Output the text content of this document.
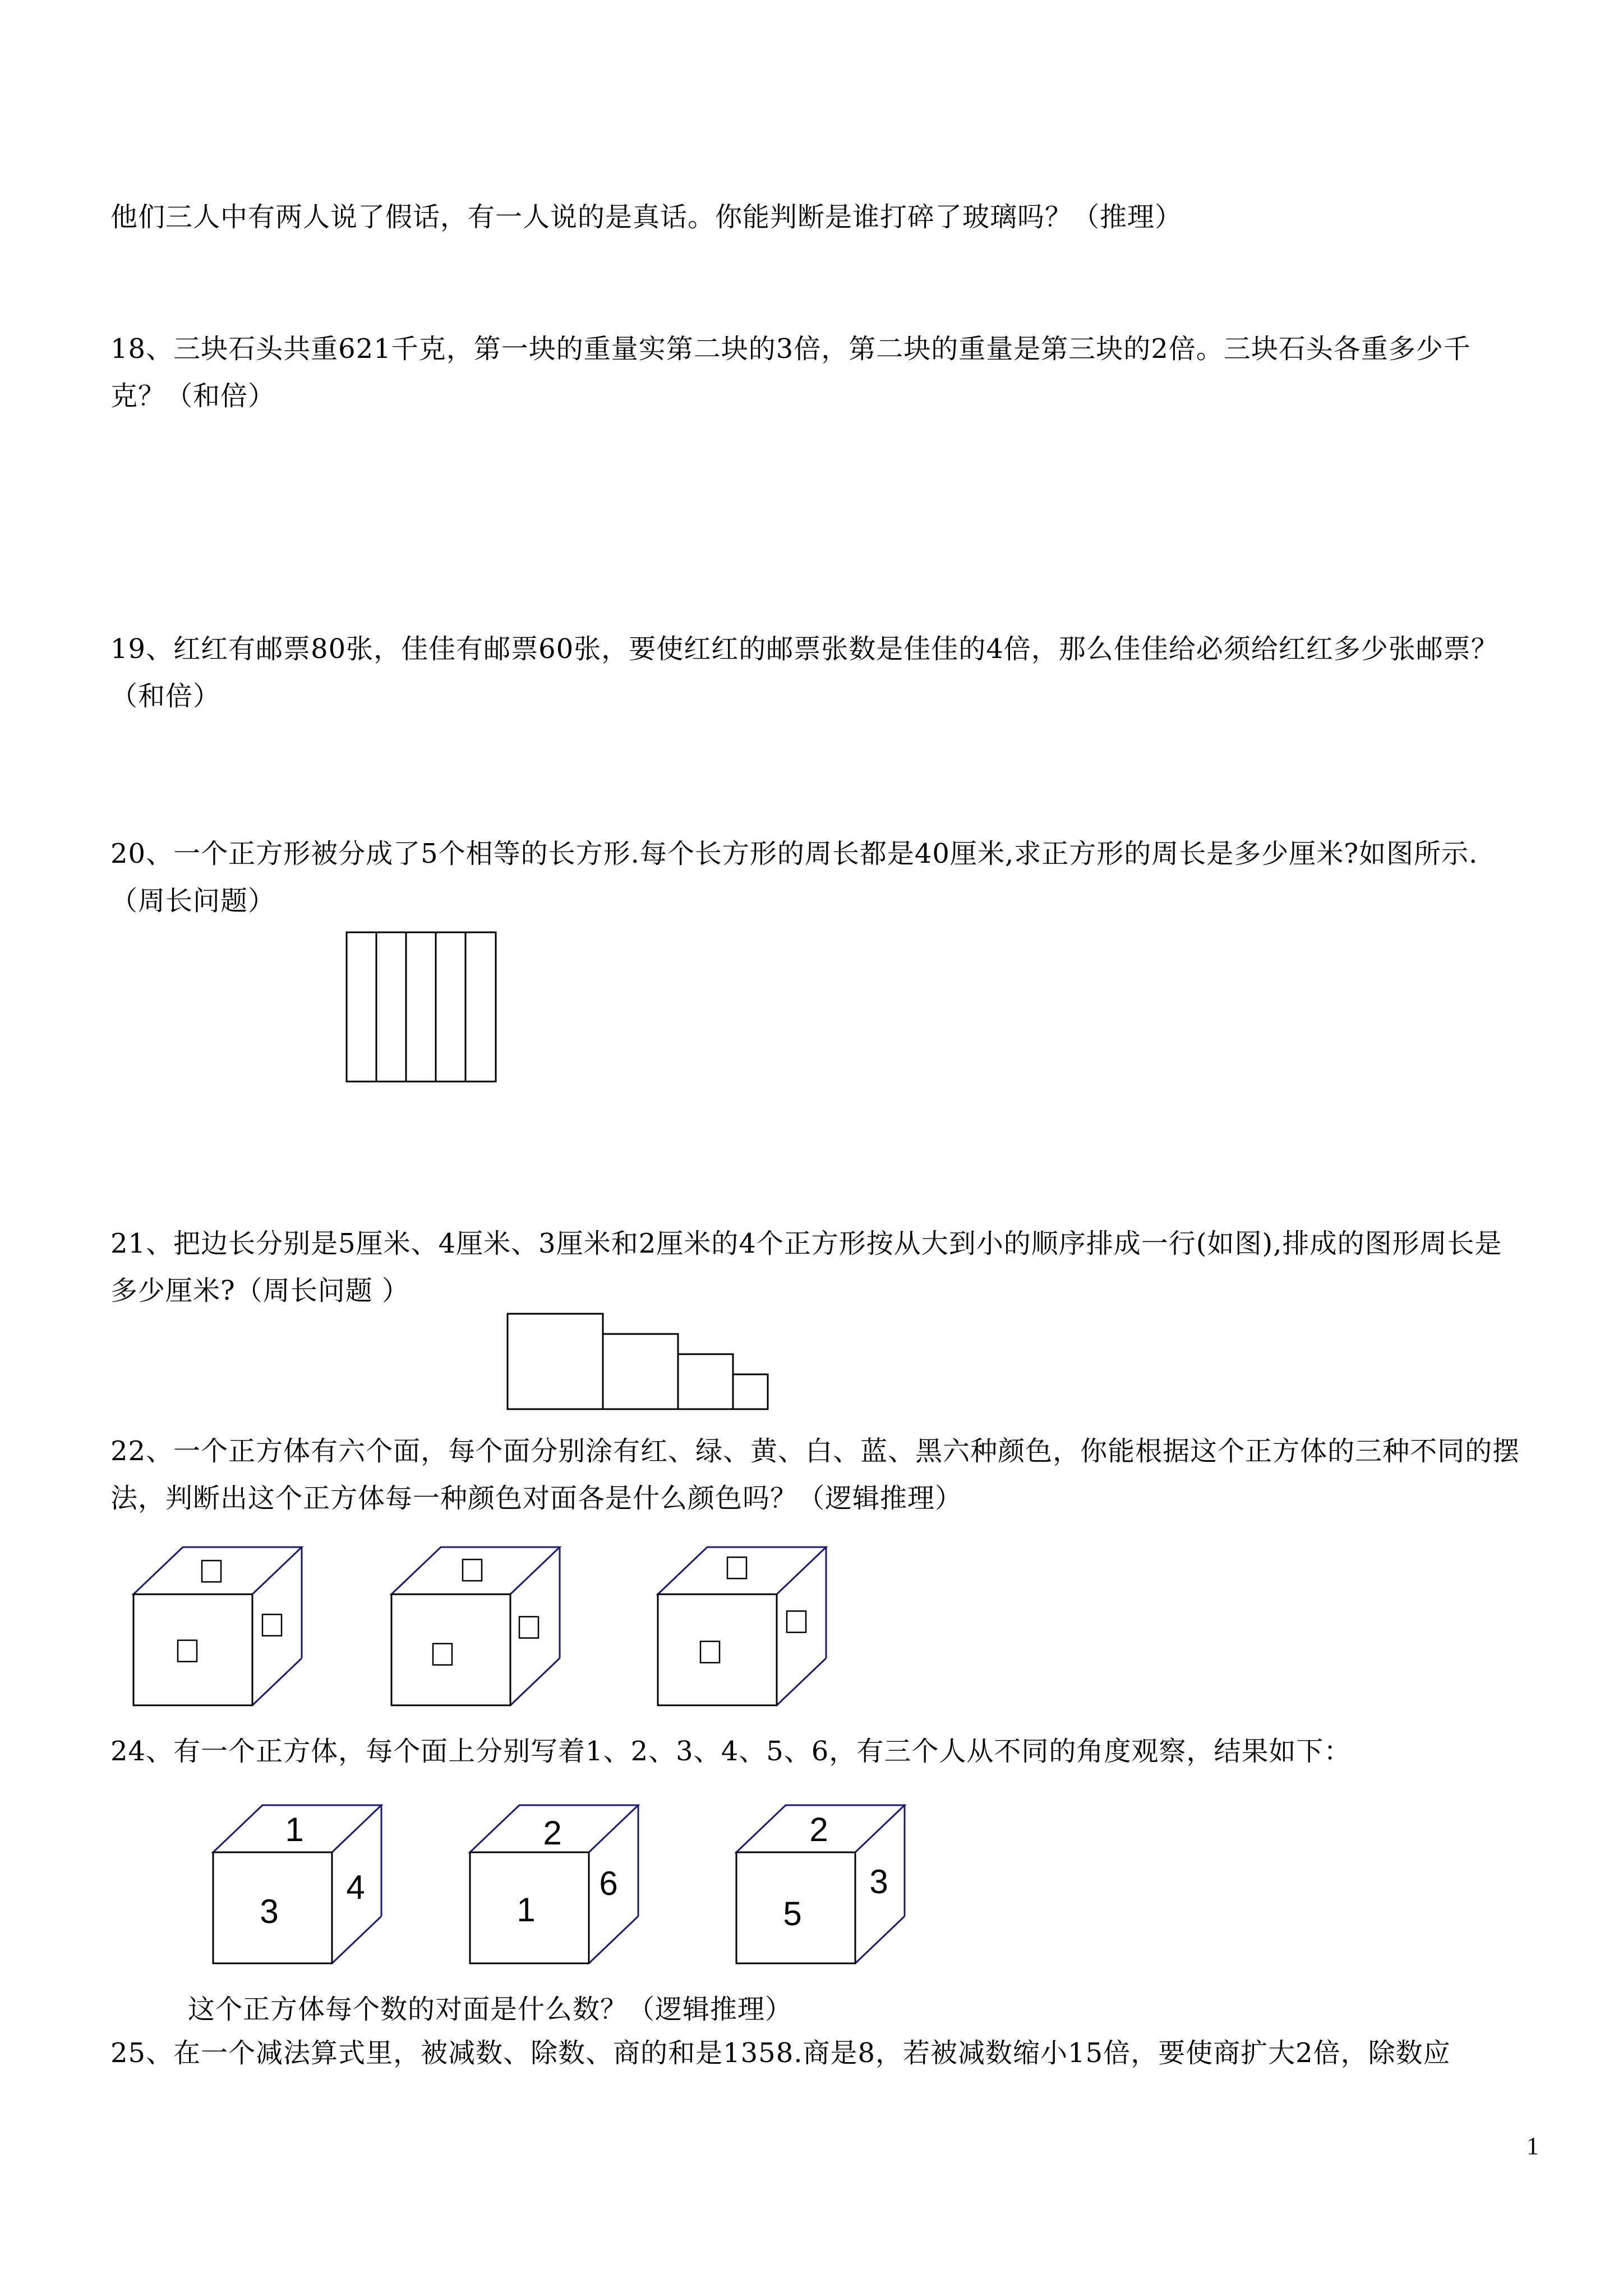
他们三人中有两人说了假话，有一人说的是真话。你能判断是谁打碎了玻璃吗？（推理）

18、三块石头共重621千克，第一块的重量实第二块的3倍，第二块的重量是第三块的2倍。三块石头各重多少千克？（和倍）

19、红红有邮票80张，佳佳有邮票60张，要使红红的邮票张数是佳佳的4倍，那么佳佳给必须给红红多少张邮票？（和倍）

20、一个正方形被分成了5个相等的长方形.每个长方形的周长都是40厘米,求正方形的周长是多少厘米?如图所示.（周长问题）

21、把边长分别是5厘米、4厘米、3厘米和2厘米的4个正方形按从大到小的顺序排成一行(如图),排成的图形周长是多少厘米?（周长问题 ）

22、一个正方体有六个面，每个面分别涂有红、绿、黄、白、蓝、黑六种颜色，你能根据这个正方体的三种不同的摆法，判断出这个正方体每一种颜色对面各是什么颜色吗？（逻辑推理）

24、有一个正方体，每个面上分别写着1、2、3、4、5、6，有三个人从不同的角度观察，结果如下：

1
3
4
2
1
6
2
5
3

这个正方体每个数的对面是什么数？（逻辑推理）

25、在一个减法算式里，被减数、除数、商的和是1358.商是8，若被减数缩小15倍，要使商扩大2倍，除数应

1
